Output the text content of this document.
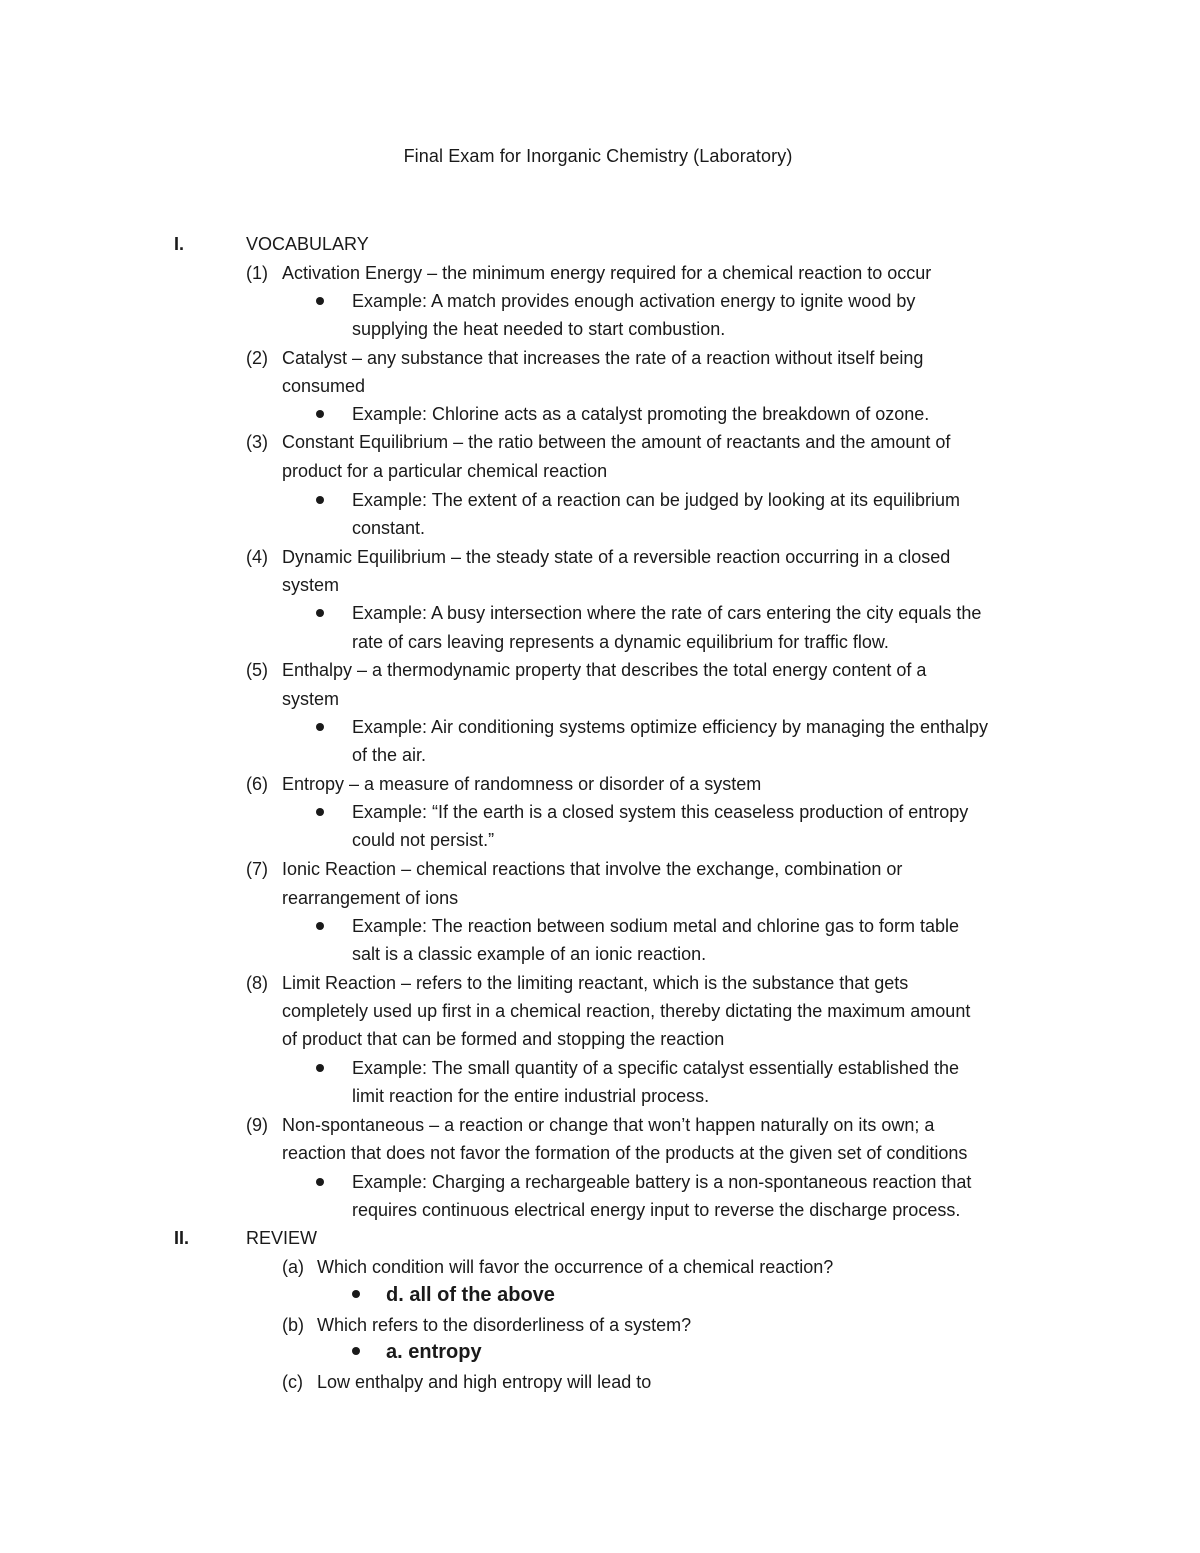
Final Exam for Inorganic Chemistry (Laboratory)
I.	VOCABULARY
(1) Activation Energy – the minimum energy required for a chemical reaction to occur
Example: A match provides enough activation energy to ignite wood by
supplying the heat needed to start combustion.
(2) Catalyst – any substance that increases the rate of a reaction without itself being
consumed
Example: Chlorine acts as a catalyst promoting the breakdown of ozone.
(3) Constant Equilibrium – the ratio between the amount of reactants and the amount of
product for a particular chemical reaction
Example: The extent of a reaction can be judged by looking at its equilibrium
constant.
(4) Dynamic Equilibrium – the steady state of a reversible reaction occurring in a closed
system
Example: A busy intersection where the rate of cars entering the city equals the
rate of cars leaving represents a dynamic equilibrium for traffic flow.
(5) Enthalpy – a thermodynamic property that describes the total energy content of a
system
Example: Air conditioning systems optimize efficiency by managing the enthalpy
of the air.
(6) Entropy – a measure of randomness or disorder of a system
Example: “If the earth is a closed system this ceaseless production of entropy
could not persist.”
(7) Ionic Reaction – chemical reactions that involve the exchange, combination or
rearrangement of ions
Example: The reaction between sodium metal and chlorine gas to form table
salt is a classic example of an ionic reaction.
(8) Limit Reaction – refers to the limiting reactant, which is the substance that gets
completely used up first in a chemical reaction, thereby dictating the maximum amount
of product that can be formed and stopping the reaction
Example: The small quantity of a specific catalyst essentially established the
limit reaction for the entire industrial process.
(9) Non-spontaneous – a reaction or change that won’t happen naturally on its own; a
reaction that does not favor the formation of the products at the given set of conditions
Example: Charging a rechargeable battery is a non-spontaneous reaction that
requires continuous electrical energy input to reverse the discharge process.
II.	REVIEW
(a) Which condition will favor the occurrence of a chemical reaction?
d. all of the above
(b) Which refers to the disorderliness of a system?
a. entropy
(c) Low enthalpy and high entropy will lead to
